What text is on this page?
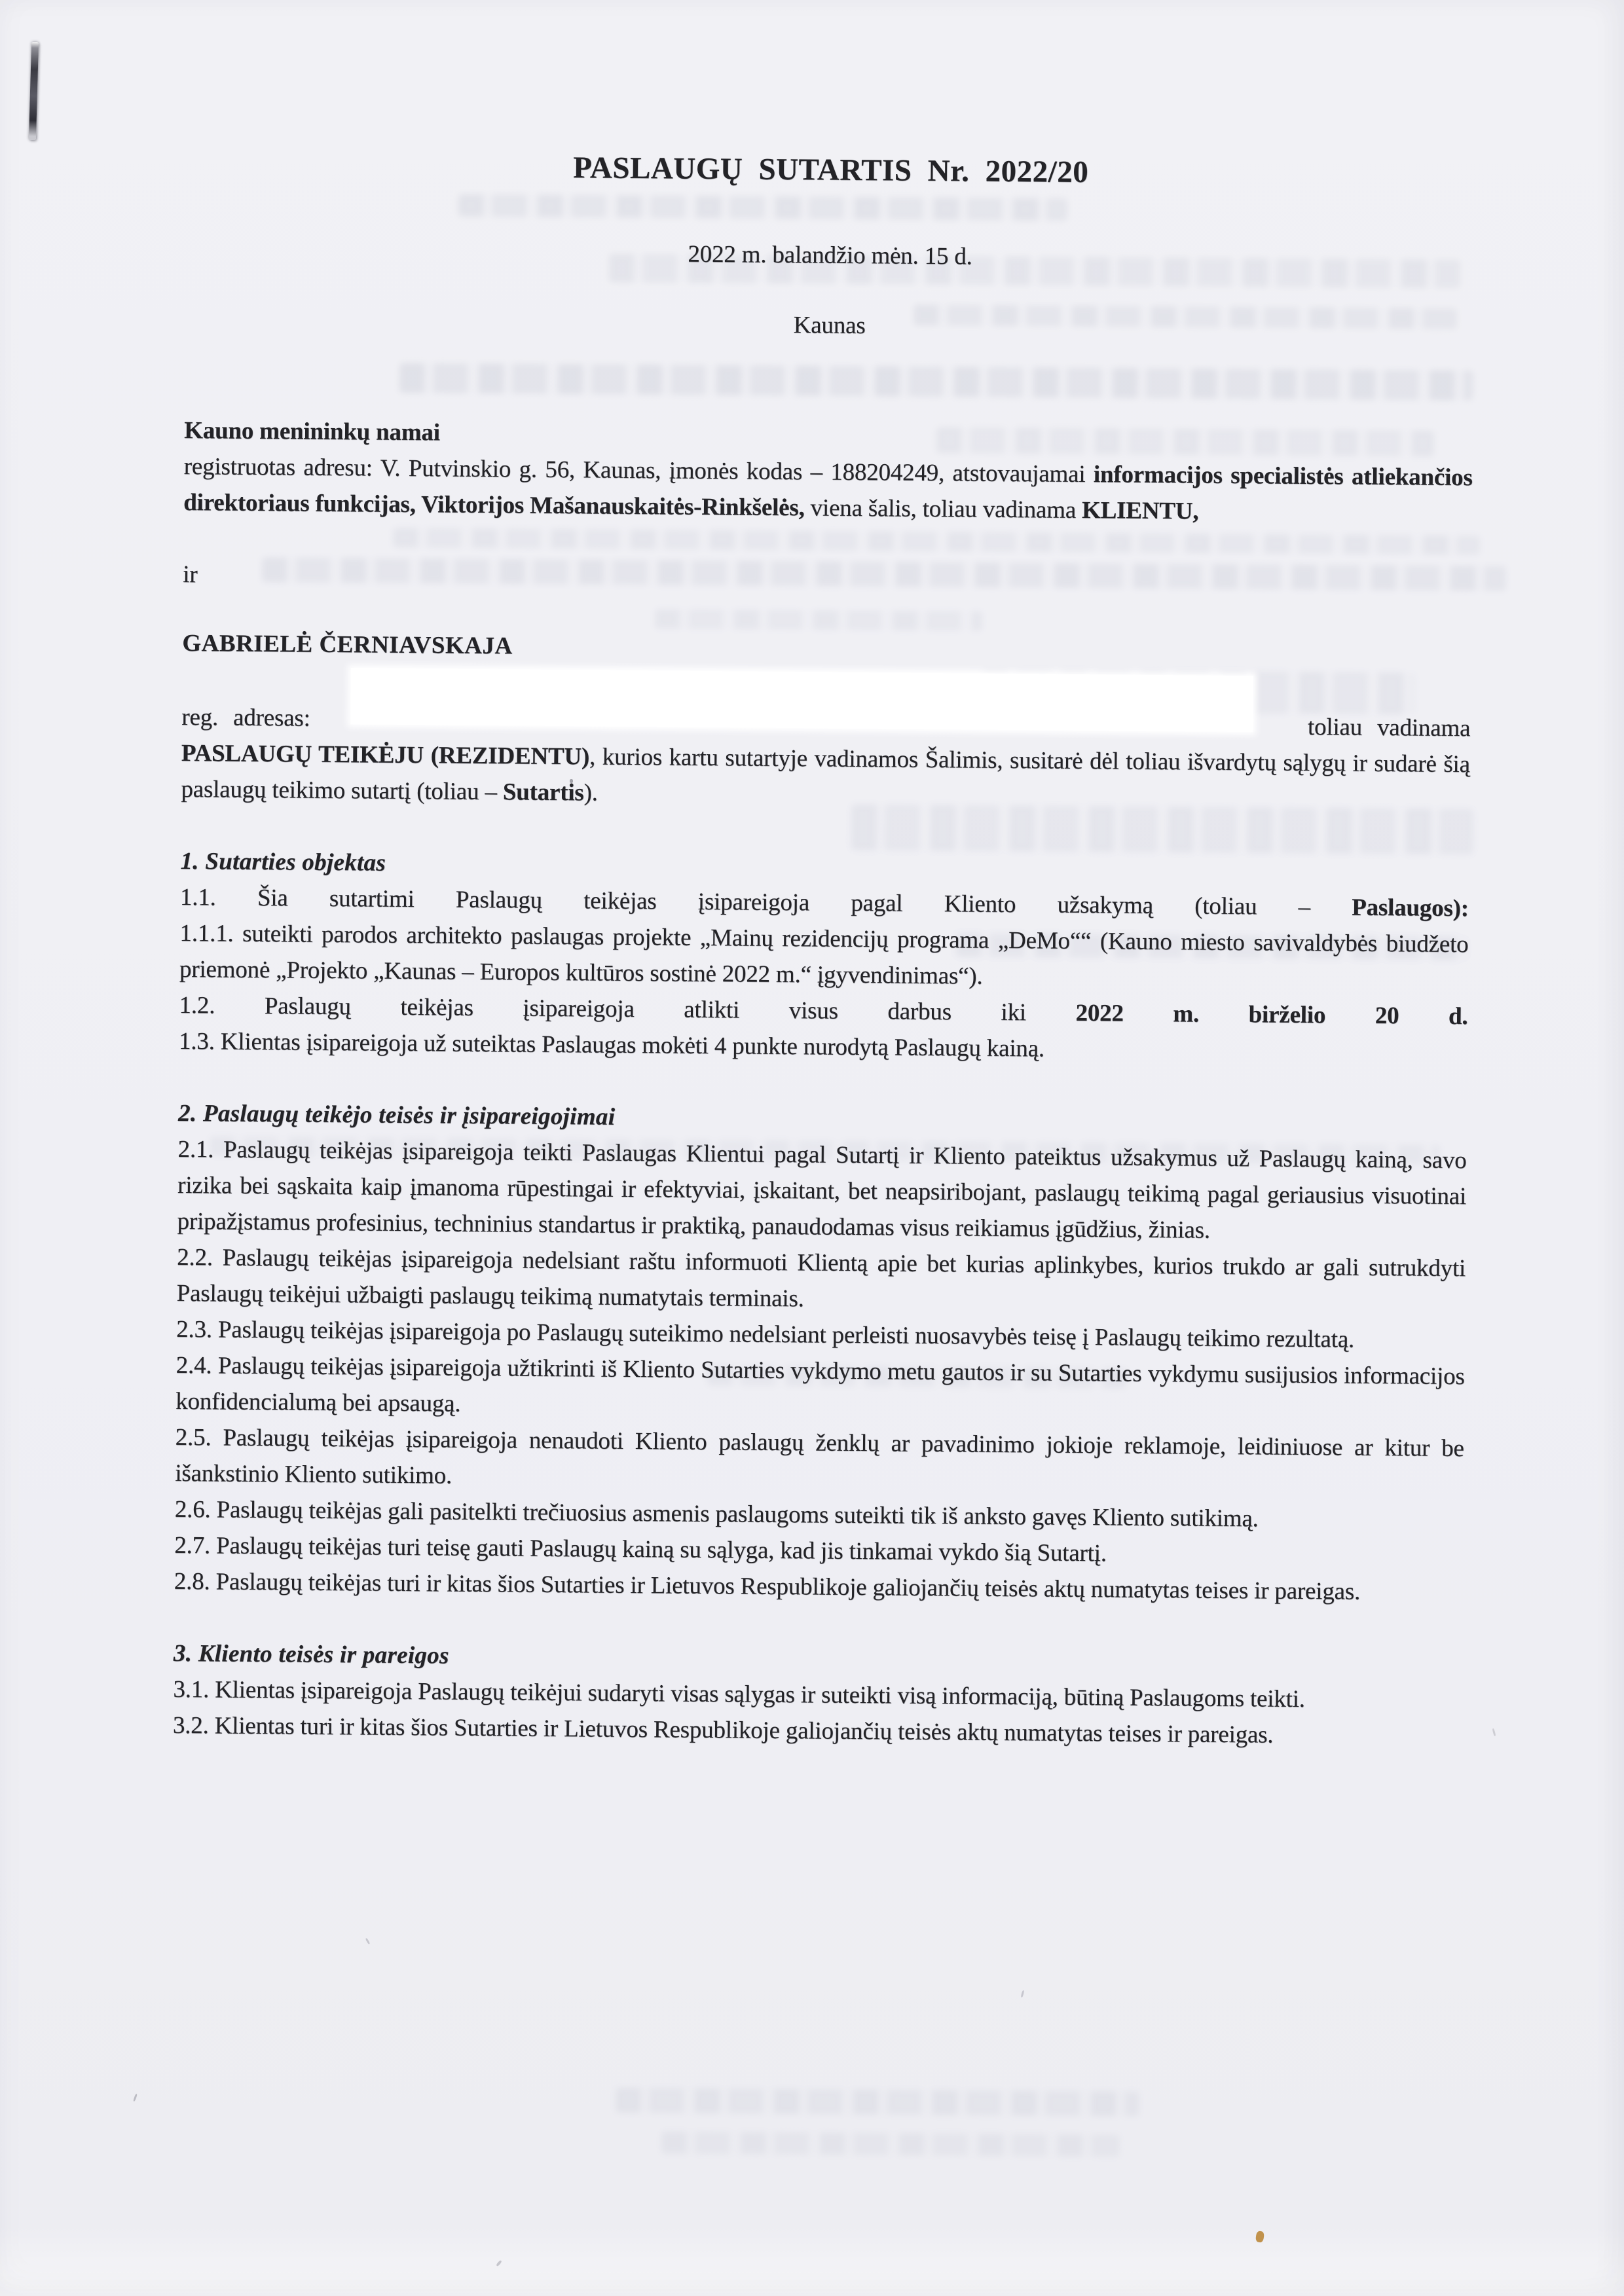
PASLAUGŲ SUTARTIS Nr. 2022/20

2022 m. balandžio mėn. 15 d.

Kaunas

Kauno menininkų namai

registruotas adresu: V. Putvinskio g. 56, Kaunas, įmonės kodas – 188204249, atstovaujamai informacijos specialistės atliekančios direktoriaus funkcijas, Viktorijos Mašanauskaitės-Rinkšelės, viena šalis, toliau vadinama KLIENTU,

ir

GABRIELĖ ČERNIAVSKAJA

reg. adresas:	toliau vadinama

PASLAUGŲ TEIKĖJU (REZIDENTU), kurios kartu sutartyje vadinamos Šalimis, susitarė dėl toliau išvardytų sąlygų ir sudarė šią paslaugų teikimo sutartį (toliau – Sutartis).

1. Sutarties objektas

1.1. Šia sutartimi Paslaugų teikėjas įsipareigoja pagal Kliento užsakymą (toliau – Paslaugos):

1.1.1. suteikti parodos architekto paslaugas projekte „Mainų rezidencijų programa „DeMo““ (Kauno miesto savivaldybės biudžeto priemonė „Projekto „Kaunas – Europos kultūros sostinė 2022 m.“ įgyvendinimas“).

1.2. Paslaugų teikėjas įsipareigoja atlikti visus darbus iki 2022 m. birželio 20 d.

1.3. Klientas įsipareigoja už suteiktas Paslaugas mokėti 4 punkte nurodytą Paslaugų kainą.

2. Paslaugų teikėjo teisės ir įsipareigojimai

2.1. Paslaugų teikėjas įsipareigoja teikti Paslaugas Klientui pagal Sutartį ir Kliento pateiktus užsakymus už Paslaugų kainą, savo rizika bei sąskaita kaip įmanoma rūpestingai ir efektyviai, įskaitant, bet neapsiribojant, paslaugų teikimą pagal geriausius visuotinai pripažįstamus profesinius, techninius standartus ir praktiką, panaudodamas visus reikiamus įgūdžius, žinias.

2.2. Paslaugų teikėjas įsipareigoja nedelsiant raštu informuoti Klientą apie bet kurias aplinkybes, kurios trukdo ar gali sutrukdyti Paslaugų teikėjui užbaigti paslaugų teikimą numatytais terminais.

2.3. Paslaugų teikėjas įsipareigoja po Paslaugų suteikimo nedelsiant perleisti nuosavybės teisę į Paslaugų teikimo rezultatą.

2.4. Paslaugų teikėjas įsipareigoja užtikrinti iš Kliento Sutarties vykdymo metu gautos ir su Sutarties vykdymu susijusios informacijos konfidencialumą bei apsaugą.

2.5. Paslaugų teikėjas įsipareigoja nenaudoti Kliento paslaugų ženklų ar pavadinimo jokioje reklamoje, leidiniuose ar kitur be išankstinio Kliento sutikimo.

2.6. Paslaugų teikėjas gali pasitelkti trečiuosius asmenis paslaugoms suteikti tik iš anksto gavęs Kliento sutikimą.

2.7. Paslaugų teikėjas turi teisę gauti Paslaugų kainą su sąlyga, kad jis tinkamai vykdo šią Sutartį.

2.8. Paslaugų teikėjas turi ir kitas šios Sutarties ir Lietuvos Respublikoje galiojančių teisės aktų numatytas teises ir pareigas.

3. Kliento teisės ir pareigos

3.1. Klientas įsipareigoja Paslaugų teikėjui sudaryti visas sąlygas ir suteikti visą informaciją, būtiną Paslaugoms teikti.

3.2. Klientas turi ir kitas šios Sutarties ir Lietuvos Respublikoje galiojančių teisės aktų numatytas teises ir pareigas.
